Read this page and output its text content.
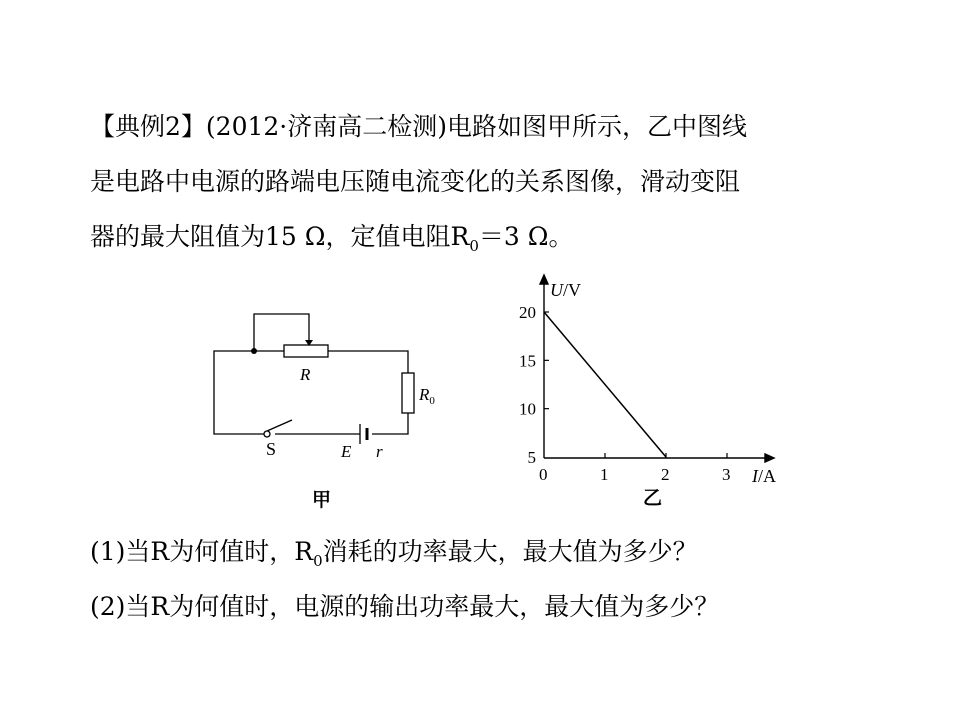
【典例2】(2012·济南高二检测)电路如图甲所示，乙中图线
是电路中电源的路端电压随电流变化的关系图像，滑动变阻
器的最大阻值为15 Ω，定值电阻$R_0=3$ Ω。
R
$R_0$
S	E r
甲
0	1	2	3
5
10
15
20
U/V
I/A
乙
(1)当R为何值时，$R_0$消耗的功率最大，最大值为多少？
(2)当R为何值时，电源的输出功率最大，最大值为多少？
